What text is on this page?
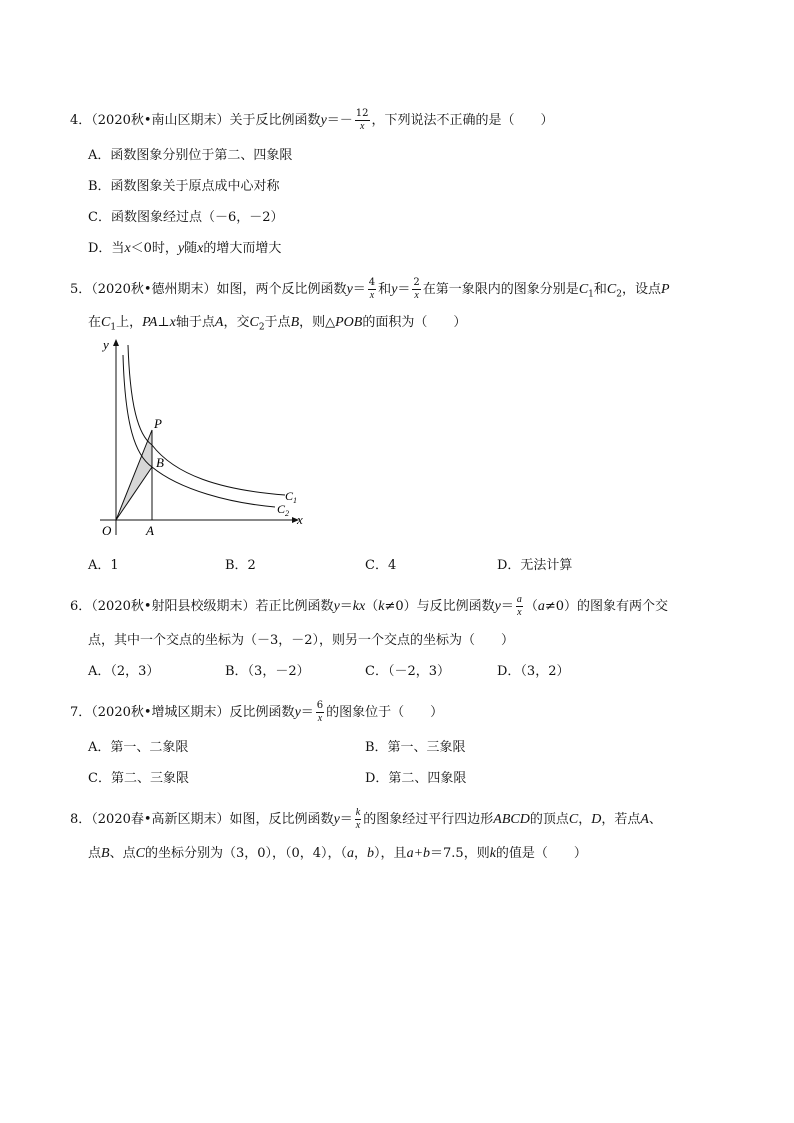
4．（2020秋•南山区期末）关于反比例函数$y=- \frac{12}{x}$ ，下列说法不正确的是（　　）
A．函数图象分别位于第二、四象限
B．函数图象关于原点成中心对称
C．函数图象经过点（－6，－2）
D．当x＜0时，y随x的增大而增大
5．（2020秋•德州期末）如图，两个反比例函数$y= \frac{4}{x}$ 和$y= \frac{2}{x}$ 在第一象限内的图象分别是$C_1$和$C_2$，设点P
在$C_1$上，PA⊥x轴于点A，交$C_2$于点B，则△POB的面积为（　　）
y
x
O	A
B
P
$C_1$
$C_2$
A．1	B．2	C．4	D．无法计算
6．（2020秋•射阳县校级期末）若正比例函数y＝kx（k≠0）与反比例函数$y= \frac{a}{x} (a\ne 0)$的图象有两个交
点，其中一个交点的坐标为（－3，－2），则另一个交点的坐标为（　　）
A．（2，3）	B．（3，－2）	C．（－2，3）	D．（3，2）
7．（2020秋•增城区期末）反比例函数$y= \frac{6}{x}$ 的图象位于（　　）
A．第一、二象限	B．第一、三象限
C．第二、三象限	D．第二、四象限
8．（2020春•高新区期末）如图，反比例函数$y= \frac{k}{x}$ 的图象经过平行四边形ABCD的顶点C，D，若点A、
点B、点C的坐标分别为（3，0），（0，4），（a，b），且a+b＝7.5，则k的值是（　　）
